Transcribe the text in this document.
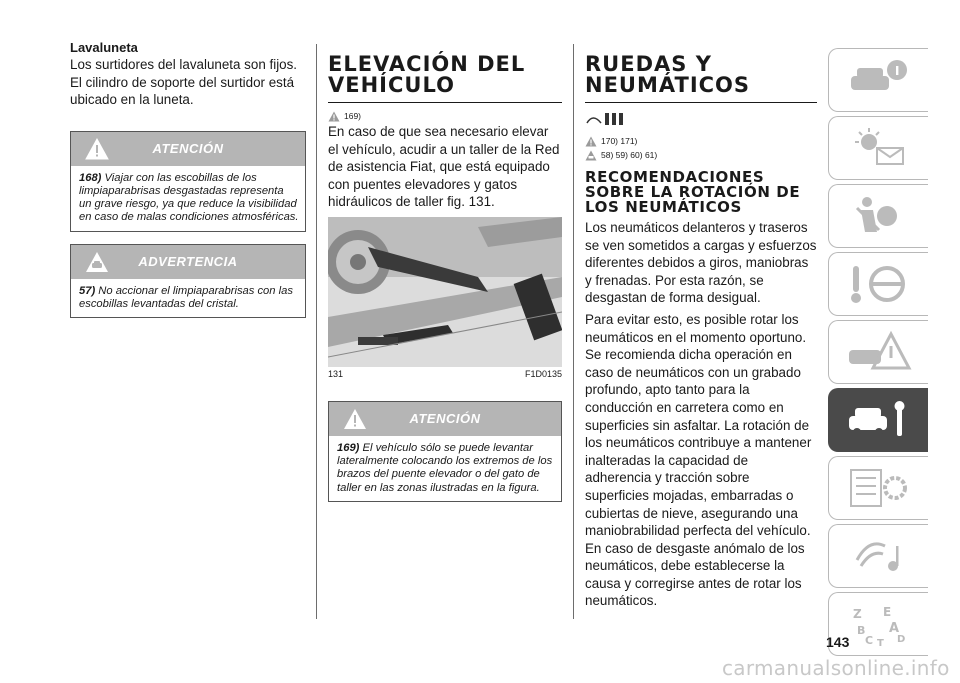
Lavaluneta
Los surtidores del lavaluneta son fijos. El cilindro de soporte del surtidor está ubicado en la luneta.
ATENCIÓN
168) Viajar con las escobillas de los limpiaparabrisas desgastadas representa un grave riesgo, ya que reduce la visibilidad en caso de malas condiciones atmosféricas.
ADVERTENCIA
57) No accionar el limpiaparabrisas con las escobillas levantadas del cristal.
ELEVACIÓN DEL
VEHÍCULO
169)
En caso de que sea necesario elevar el vehículo, acudir a un taller de la Red de asistencia Fiat, que está equipado con puentes elevadores y gatos hidráulicos de taller fig. 131.
131	F1D0135
ATENCIÓN
169) El vehículo sólo se puede levantar lateralmente colocando los extremos de los brazos del puente elevador o del gato de taller en las zonas ilustradas en la figura.
RUEDAS Y
NEUMÁTICOS
170) 171)
58) 59) 60) 61)
RECOMENDACIONES
SOBRE LA ROTACIÓN DE
LOS NEUMÁTICOS
Los neumáticos delanteros y traseros se ven sometidos a cargas y esfuerzos diferentes debidos a giros, maniobras y frenadas. Por esta razón, se desgastan de forma desigual.
Para evitar esto, es posible rotar los neumáticos en el momento oportuno. Se recomienda dicha operación en caso de neumáticos con un grabado profundo, apto tanto para la conducción en carretera como en superficies sin asfaltar. La rotación de los neumáticos contribuye a mantener inalteradas la capacidad de adherencia y tracción sobre superficies mojadas, embarradas o cubiertas de nieve, asegurando una maniobrabilidad perfecta del vehículo. En caso de desgaste anómalo de los neumáticos, debe establecerse la causa y corregirse antes de rotar los neumáticos.
Z E
B A
C D
T
143
carmanualsonline.info
